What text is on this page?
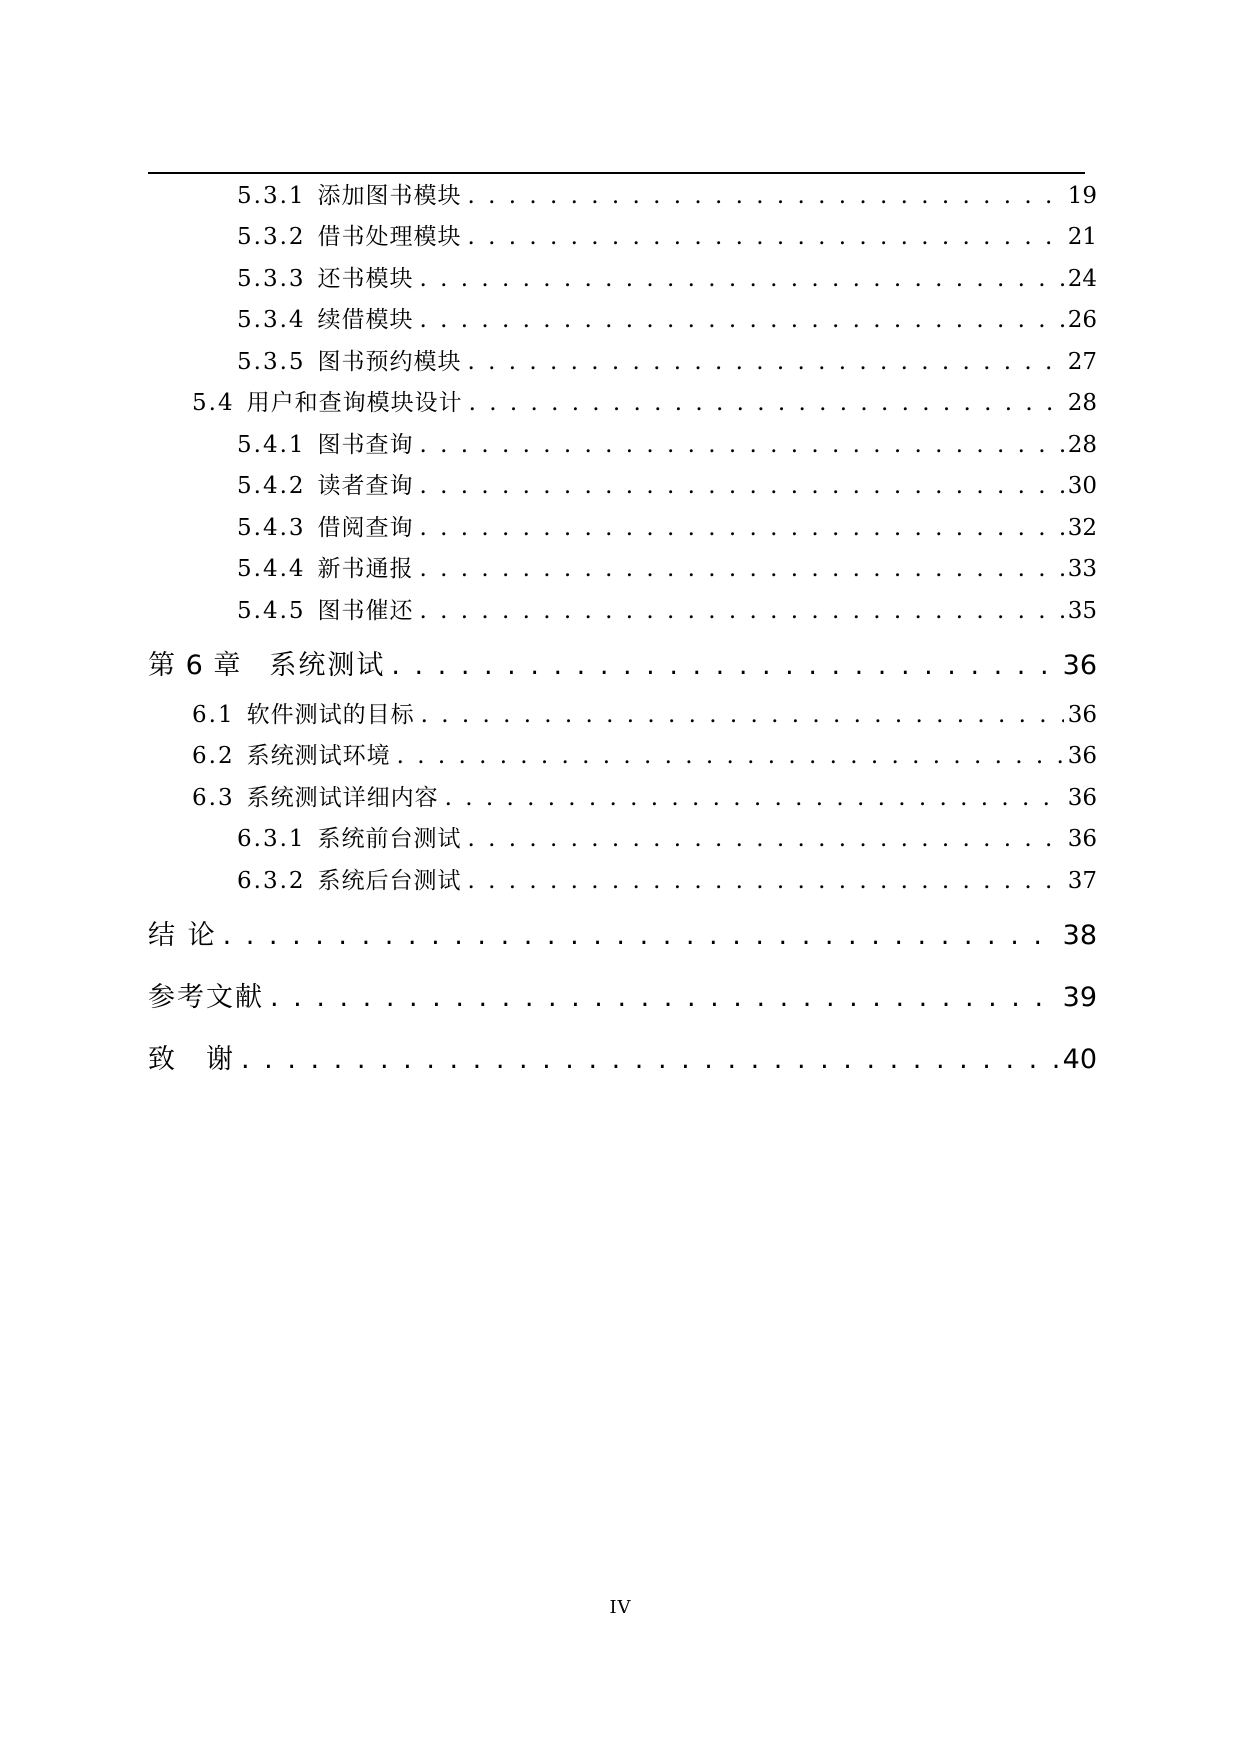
5.3.1 添加图书模块 . . .	19
5.3.2 借书处理模块 . . .	21
5.3.3 还书模块 . . .	24
5.3.4 续借模块 . . .	26
5.3.5 图书预约模块 . . .	27
5.4 用户和查询模块设计 . . .	28
5.4.1 图书查询 . . .	28
5.4.2 读者查询 . . .	30
5.4.3 借阅查询 . . .	32
5.4.4 新书通报 . . .	33
5.4.5 图书催还 . . .	35
第 6 章 系统测试 . . .	36
6.1 软件测试的目标 . . .	36
6.2 系统测试环境 . . .	36
6.3 系统测试详细内容 . . .	36
6.3.1 系统前台测试 . . .	36
6.3.2 系统后台测试 . . .	37
结 论 . . .	38
参考文献 . . .	39
致　谢 . . .	40
IV
